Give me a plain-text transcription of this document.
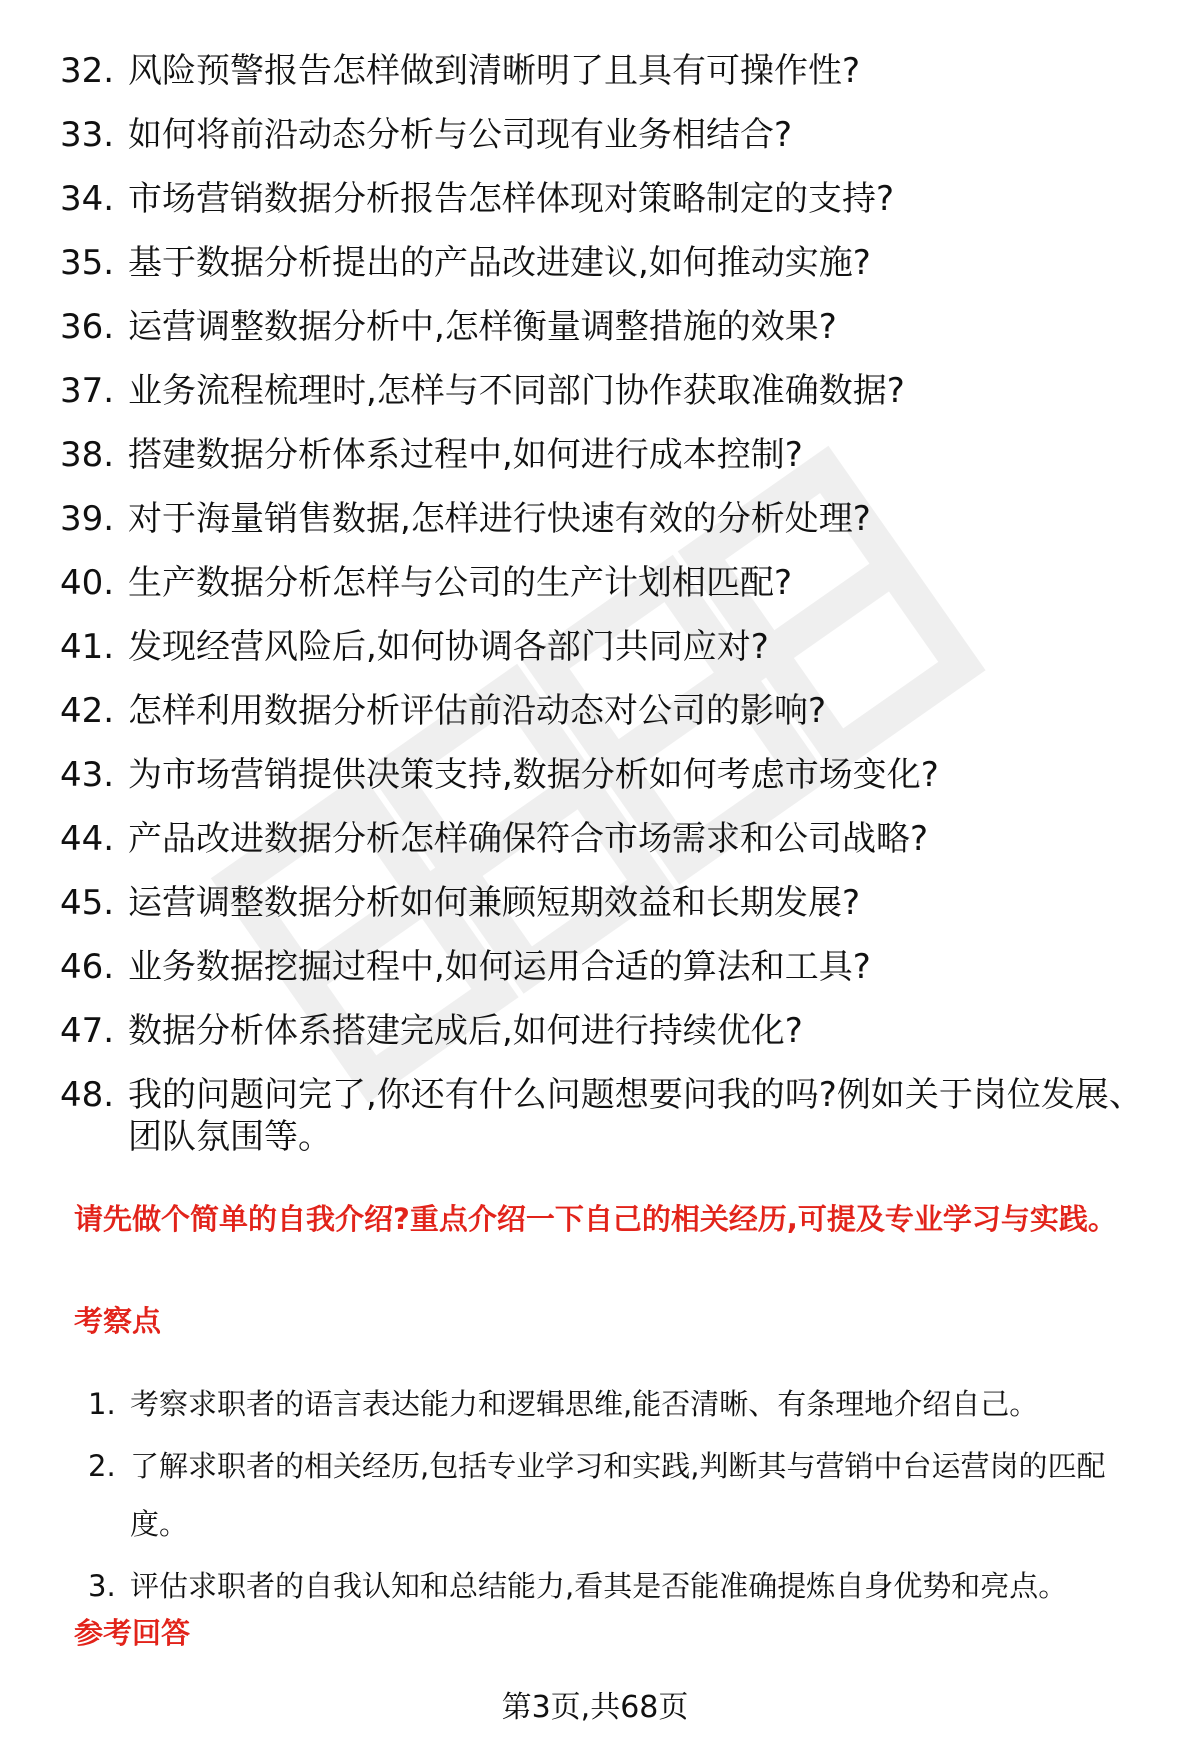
32. 风险预警报告怎样做到清晰明了且具有可操作性?
33. 如何将前沿动态分析与公司现有业务相结合?
34. 市场营销数据分析报告怎样体现对策略制定的支持?
35. 基于数据分析提出的产品改进建议,如何推动实施?
36. 运营调整数据分析中,怎样衡量调整措施的效果?
37. 业务流程梳理时,怎样与不同部门协作获取准确数据?
38. 搭建数据分析体系过程中,如何进行成本控制?
39. 对于海量销售数据,怎样进行快速有效的分析处理?
40. 生产数据分析怎样与公司的生产计划相匹配?
41. 发现经营风险后,如何协调各部门共同应对?
42. 怎样利用数据分析评估前沿动态对公司的影响?
43. 为市场营销提供决策支持,数据分析如何考虑市场变化?
44. 产品改进数据分析怎样确保符合市场需求和公司战略?
45. 运营调整数据分析如何兼顾短期效益和长期发展?
46. 业务数据挖掘过程中,如何运用合适的算法和工具?
47. 数据分析体系搭建完成后,如何进行持续优化?
48. 我的问题问完了,你还有什么问题想要问我的吗?例如关于岗位发展、团队氛围等。

请先做个简单的自我介绍?重点介绍一下自己的相关经历,可提及专业学习与实践。

考察点

1. 考察求职者的语言表达能力和逻辑思维,能否清晰、有条理地介绍自己。
2. 了解求职者的相关经历,包括专业学习和实践,判断其与营销中台运营岗的匹配度。
3. 评估求职者的自我认知和总结能力,看其是否能准确提炼自身优势和亮点。

参考回答

第3页,共68页
